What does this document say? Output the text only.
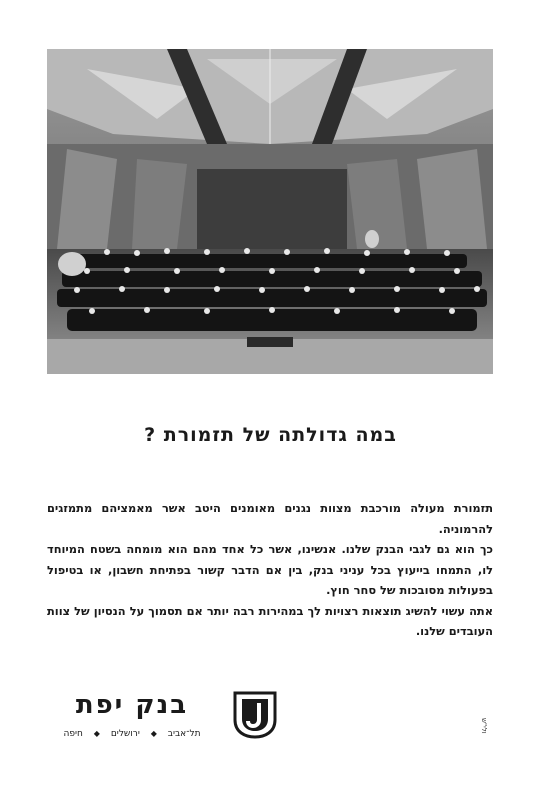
במה גדולתה של תזמורת ?

תזמורת מעולה מורכבת מצוות נגנים מאומנים היטב אשר מאמציהם מתמזגים להרמוניה.

כך הוא גם לגבי הבנק שלנו. אנשינו, אשר כל אחד מהם הוא מומחה בשטח המיוחד לו, התמחו בייעוץ בכל עניני בנק, בין אם הדבר קשור בפתיחת חשבון, או בטיפול בפעולות מסובכות של סחר חוץ.

אתה עשוי להשיג תוצאות רצויות לך במהירות רבה יותר אם תסמוך על הנסיון של צוות העובדים שלנו.

ולי"ש
בנק יפת
תל־אביב ◆ ירושלים ◆ חיפה
